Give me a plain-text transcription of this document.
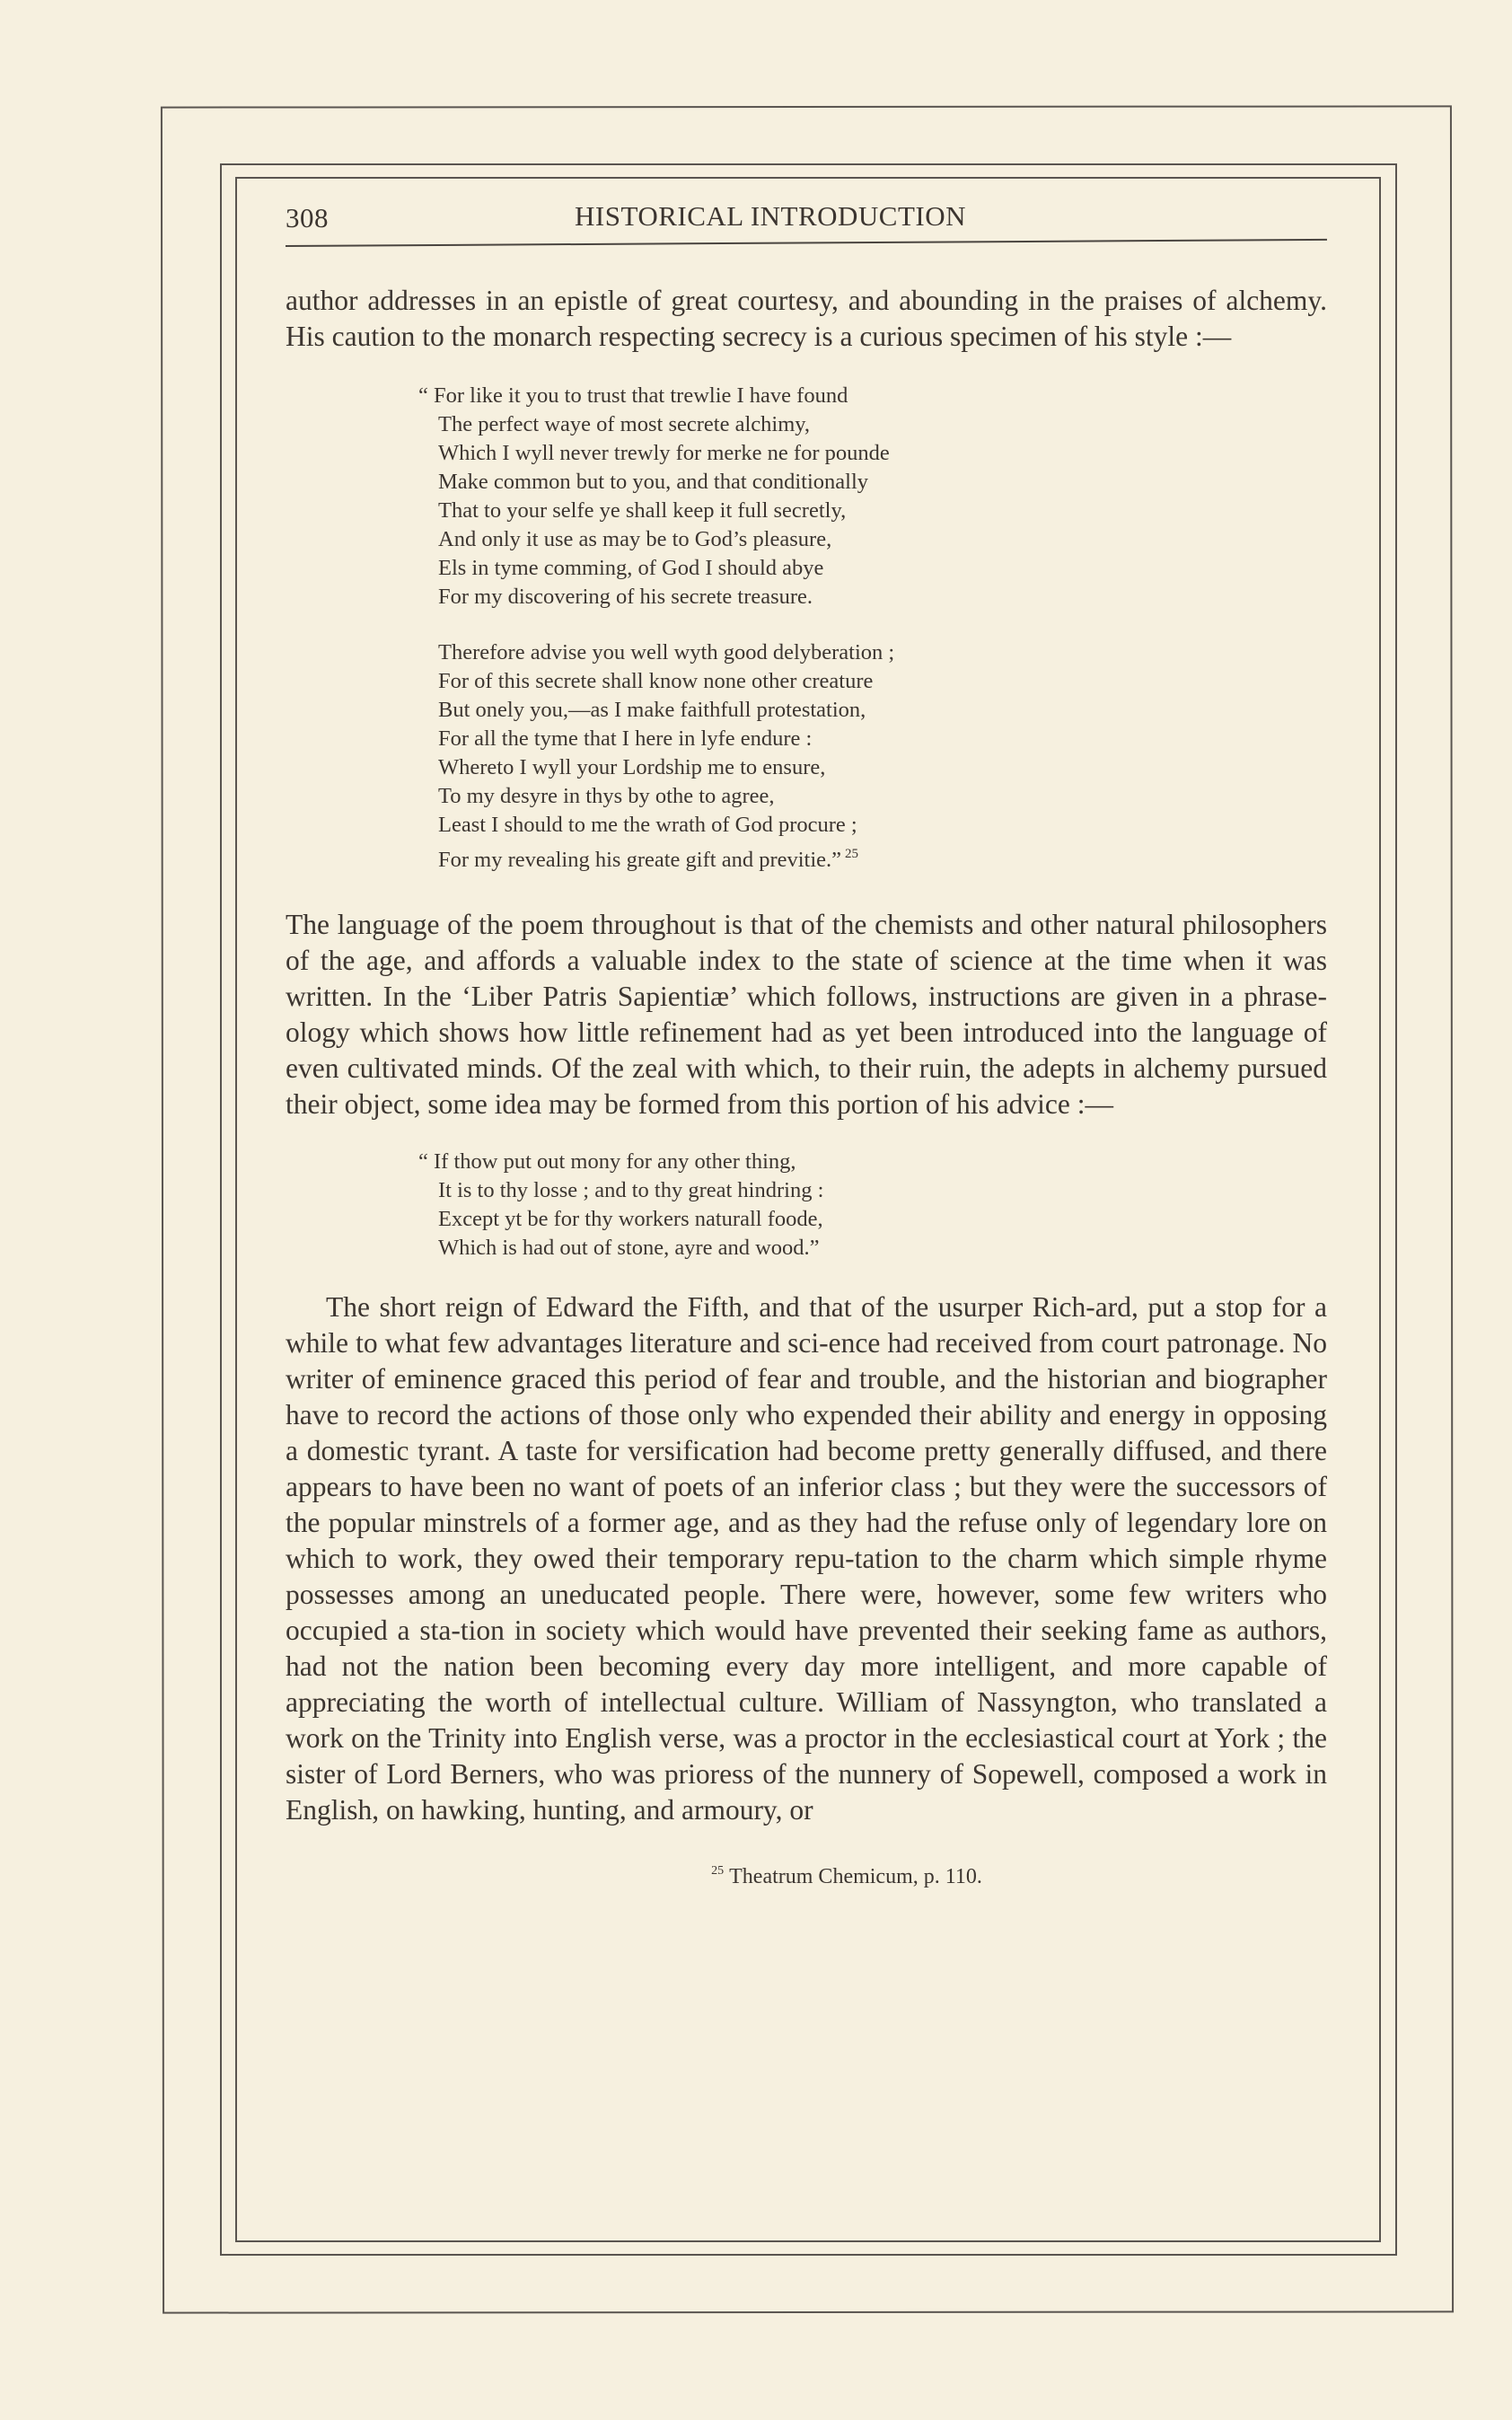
308	HISTORICAL INTRODUCTION

author addresses in an epistle of great courtesy, and abounding in the praises of alchemy. His caution to the monarch respecting secrecy is a curious specimen of his style :—

“ For like it you to trust that trewlie I have found
The perfect waye of most secrete alchimy,
Which I wyll never trewly for merke ne for pounde
Make common but to you, and that conditionally
That to your selfe ye shall keep it full secretly,
And only it use as may be to God’s pleasure,
Els in tyme comming, of God I should abye
For my discovering of his secrete treasure.
Therefore advise you well wyth good delyberation ;
For of this secrete shall know none other creature
But onely you,—as I make faithfull protestation,
For all the tyme that I here in lyfe endure :
Whereto I wyll your Lordship me to ensure,
To my desyre in thys by othe to agree,
Least I should to me the wrath of God procure ;
For my revealing his greate gift and previtie.” $^{25}$

The language of the poem throughout is that of the chemists and other natural philosophers of the age, and affords a valuable index to the state of science at the time when it was written. In the ‘Liber Patris Sapientiæ’ which follows, instructions are given in a phrase-ology which shows how little refinement had as yet been introduced into the language of even cultivated minds. Of the zeal with which, to their ruin, the adepts in alchemy pursued their object, some idea may be formed from this portion of his advice :—

“ If thow put out mony for any other thing,
It is to thy losse ; and to thy great hindring :
Except yt be for thy workers naturall foode,
Which is had out of stone, ayre and wood.”

The short reign of Edward the Fifth, and that of the usurper Rich-ard, put a stop for a while to what few advantages literature and sci-ence had received from court patronage. No writer of eminence graced this period of fear and trouble, and the historian and biographer have to record the actions of those only who expended their ability and energy in opposing a domestic tyrant. A taste for versification had become pretty generally diffused, and there appears to have been no want of poets of an inferior class ; but they were the successors of the popular minstrels of a former age, and as they had the refuse only of legendary lore on which to work, they owed their temporary repu-tation to the charm which simple rhyme possesses among an uneducated people. There were, however, some few writers who occupied a sta-tion in society which would have prevented their seeking fame as authors, had not the nation been becoming every day more intelligent, and more capable of appreciating the worth of intellectual culture. William of Nassyngton, who translated a work on the Trinity into English verse, was a proctor in the ecclesiastical court at York ; the sister of Lord Berners, who was prioress of the nunnery of Sopewell, composed a work in English, on hawking, hunting, and armoury, or

$^{25}$ Theatrum Chemicum, p. 110.
